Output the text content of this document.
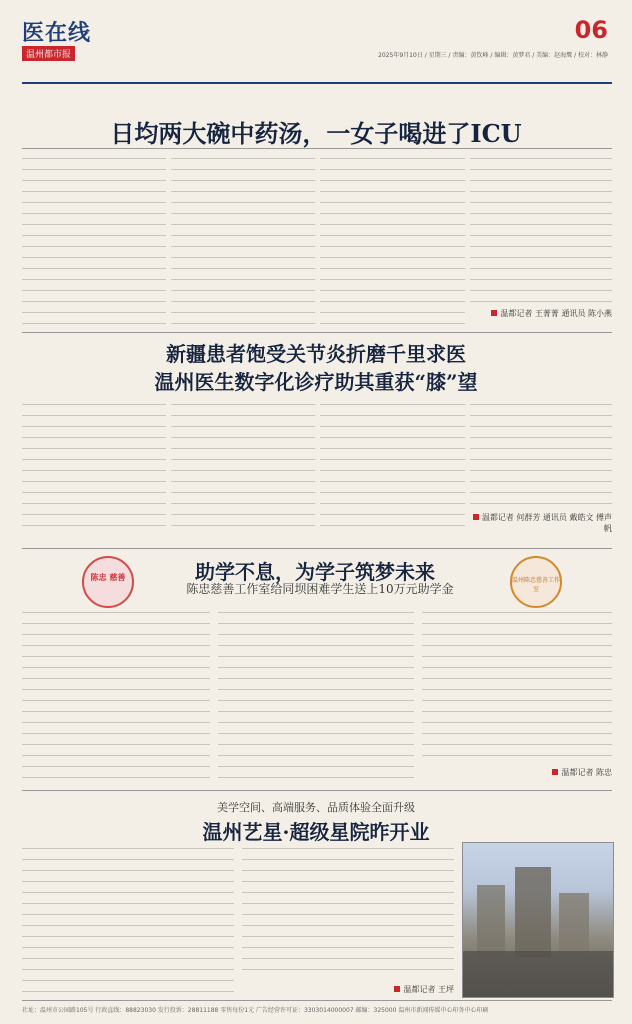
医在线
温州都市报
06
2025年9月10日 / 星期三 / 责编：黄钦峰 / 编辑：黄梦君 / 美编：赵海鹰 / 校对：林静
日均两大碗中药汤，一女子喝进了ICU
温都记者 王菁菁 通讯员 陈小燕
新疆患者饱受关节炎折磨千里求医
温州医生数字化诊疗助其重获“膝”望
温都记者 何群芳 通讯员 戴皓文 傅声帆
陈忠 慈善	助学不息，为学子筑梦未来
陈忠慈善工作室给同坝困难学生送上10万元助学金
温州陈忠慈善工作室
温都记者 陈忠
美学空间、高端服务、品质体验全面升级
温州艺星·超级星院昨开业
温都记者 王坪
社址：温州市公园路105号 行政直线：88823030 发行投诉：28811188 零售每份1元 广告经营许可证：3303014000007 邮编：325000 温州市新闻传媒中心印务中心印刷
